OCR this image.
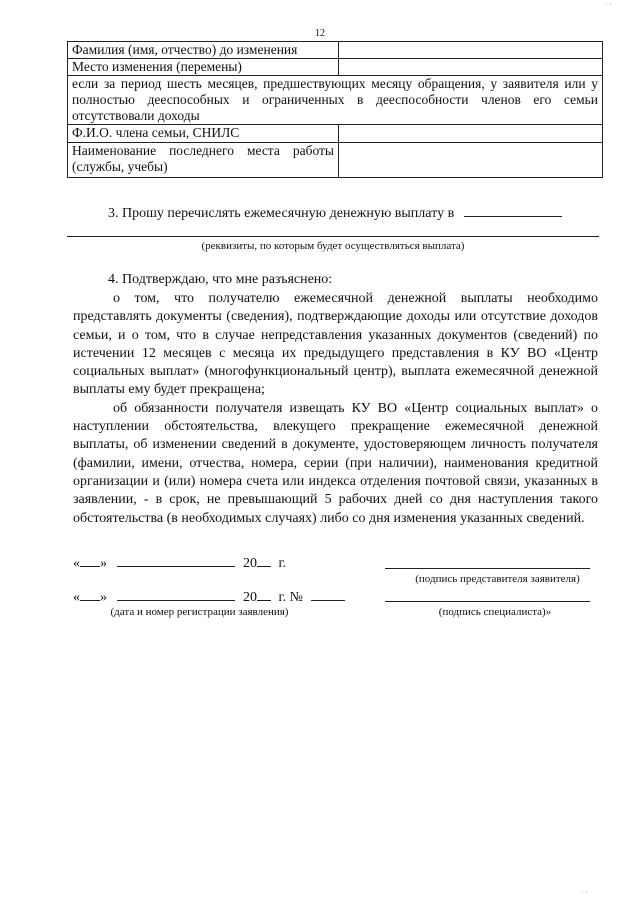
· ·
12
Фамилия (имя, отчество) до изменения	
Место изменения (перемены)	
если за период шесть месяцев, предшествующих месяцу обращения, у заявителя или у полностью дееспособных и ограниченных в дееспособности членов его семьи отсутствовали доходы	
Ф.И.О. члена семьи, СНИЛС	
Наименование последнего места работы (службы, учебы)	
3. Прошу перечислять ежемесячную денежную выплату в
(реквизиты, по которым будет осуществляться выплата)
4. Подтверждаю, что мне разъяснено:

о том, что получателю ежемесячной денежной выплаты необходимо представлять документы (сведения), подтверждающие доходы или отсутствие доходов семьи, и о том, что в случае непредставления указанных документов (сведений) по истечении 12 месяцев с месяца их предыдущего представления в КУ ВО «Центр социальных выплат» (многофункциональный центр), выплата ежемесячной денежной выплаты ему будет прекращена;

об обязанности получателя извещать КУ ВО «Центр социальных выплат» о наступлении обстоятельства, влекущего прекращение ежемесячной денежной выплаты, об изменении сведений в документе, удостоверяющем личность получателя (фамилии, имени, отчества, номера, серии (при наличии), наименования кредитной организации и (или) номера счета или индекса отделения почтовой связи, указанных в заявлении, - в срок, не превышающий 5 рабочих дней со дня наступления такого обстоятельства (в необходимых случаях) либо со дня изменения указанных сведений.

« »	20 г.
(подпись представителя заявителя)
« »	20 г. №
(дата и номер регистрации заявления)	(подпись специалиста)»
· ·
